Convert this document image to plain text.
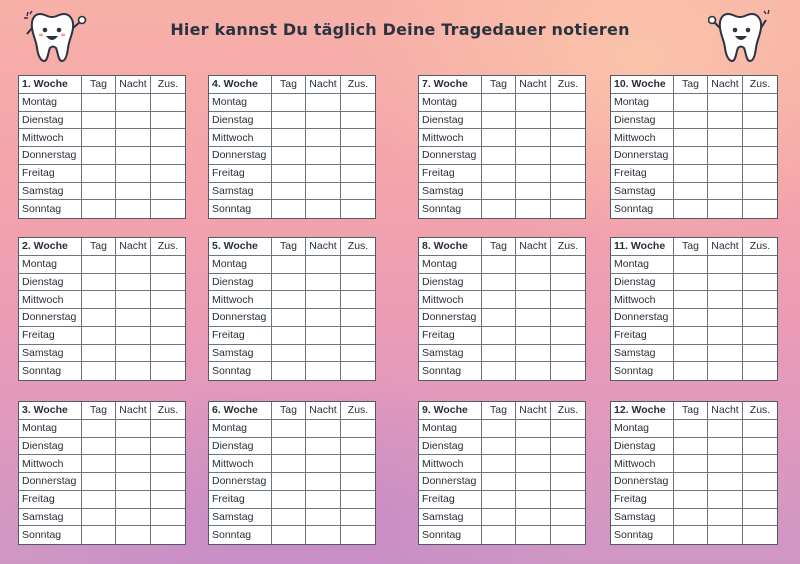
Hier kannst Du täglich Deine Tragedauer notieren
1. Woche	Tag	Nacht	Zus.
Montag
Dienstag
Mittwoch
Donnerstag
Freitag
Samstag
Sonntag
2. Woche	Tag	Nacht	Zus.
Montag
Dienstag
Mittwoch
Donnerstag
Freitag
Samstag
Sonntag
3. Woche	Tag	Nacht	Zus.
Montag
Dienstag
Mittwoch
Donnerstag
Freitag
Samstag
Sonntag
4. Woche	Tag	Nacht	Zus.
Montag
Dienstag
Mittwoch
Donnerstag
Freitag
Samstag
Sonntag
5. Woche	Tag	Nacht	Zus.
Montag
Dienstag
Mittwoch
Donnerstag
Freitag
Samstag
Sonntag
6. Woche	Tag	Nacht	Zus.
Montag
Dienstag
Mittwoch
Donnerstag
Freitag
Samstag
Sonntag
7. Woche	Tag	Nacht	Zus.
Montag
Dienstag
Mittwoch
Donnerstag
Freitag
Samstag
Sonntag
8. Woche	Tag	Nacht	Zus.
Montag
Dienstag
Mittwoch
Donnerstag
Freitag
Samstag
Sonntag
9. Woche	Tag	Nacht	Zus.
Montag
Dienstag
Mittwoch
Donnerstag
Freitag
Samstag
Sonntag
10. Woche	Tag	Nacht	Zus.
Montag
Dienstag
Mittwoch
Donnerstag
Freitag
Samstag
Sonntag
11. Woche	Tag	Nacht	Zus.
Montag
Dienstag
Mittwoch
Donnerstag
Freitag
Samstag
Sonntag
12. Woche	Tag	Nacht	Zus.
Montag
Dienstag
Mittwoch
Donnerstag
Freitag
Samstag
Sonntag
